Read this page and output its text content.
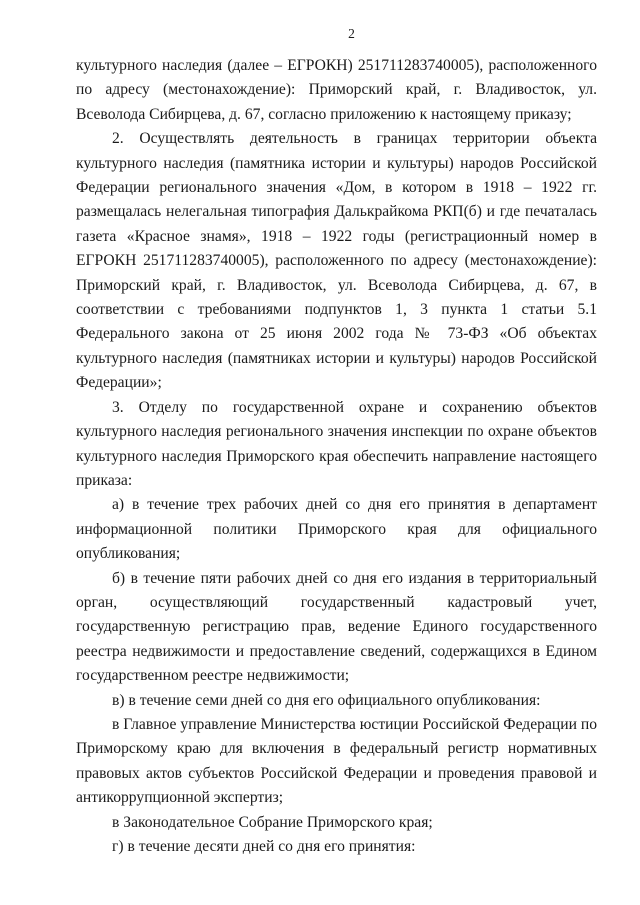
2

культурного наследия (далее – ЕГРОКН) 251711283740005), расположенного по адресу (местонахождение): Приморский край, г. Владивосток, ул. Всеволода Сибирцева, д. 67, согласно приложению к настоящему приказу;

2. Осуществлять деятельность в границах территории объекта культурного наследия (памятника истории и культуры) народов Российской Федерации регионального значения «Дом, в котором в 1918 – 1922 гг. размещалась нелегальная типография Далькрайкома РКП(б) и где печаталась газета «Красное знамя», 1918 – 1922 годы (регистрационный номер в ЕГРОКН 251711283740005), расположенного по адресу (местонахождение): Приморский край, г. Владивосток, ул. Всеволода Сибирцева, д. 67, в соответствии с требованиями подпунктов 1, 3 пункта 1 статьи 5.1 Федерального закона от 25 июня 2002 года № 73-ФЗ «Об объектах культурного наследия (памятниках истории и культуры) народов Российской Федерации»;

3. Отделу по государственной охране и сохранению объектов культурного наследия регионального значения инспекции по охране объектов культурного наследия Приморского края обеспечить направление настоящего приказа:

а) в течение трех рабочих дней со дня его принятия в департамент информационной политики Приморского края для официального опубликования;

б) в течение пяти рабочих дней со дня его издания в территориальный орган, осуществляющий государственный кадастровый учет, государственную регистрацию прав, ведение Единого государственного реестра недвижимости и предоставление сведений, содержащихся в Едином государственном реестре недвижимости;

в) в течение семи дней со дня его официального опубликования:

в Главное управление Министерства юстиции Российской Федерации по Приморскому краю для включения в федеральный регистр нормативных правовых актов субъектов Российской Федерации и проведения правовой и антикоррупционной экспертиз;

в Законодательное Собрание Приморского края;

г) в течение десяти дней со дня его принятия:
